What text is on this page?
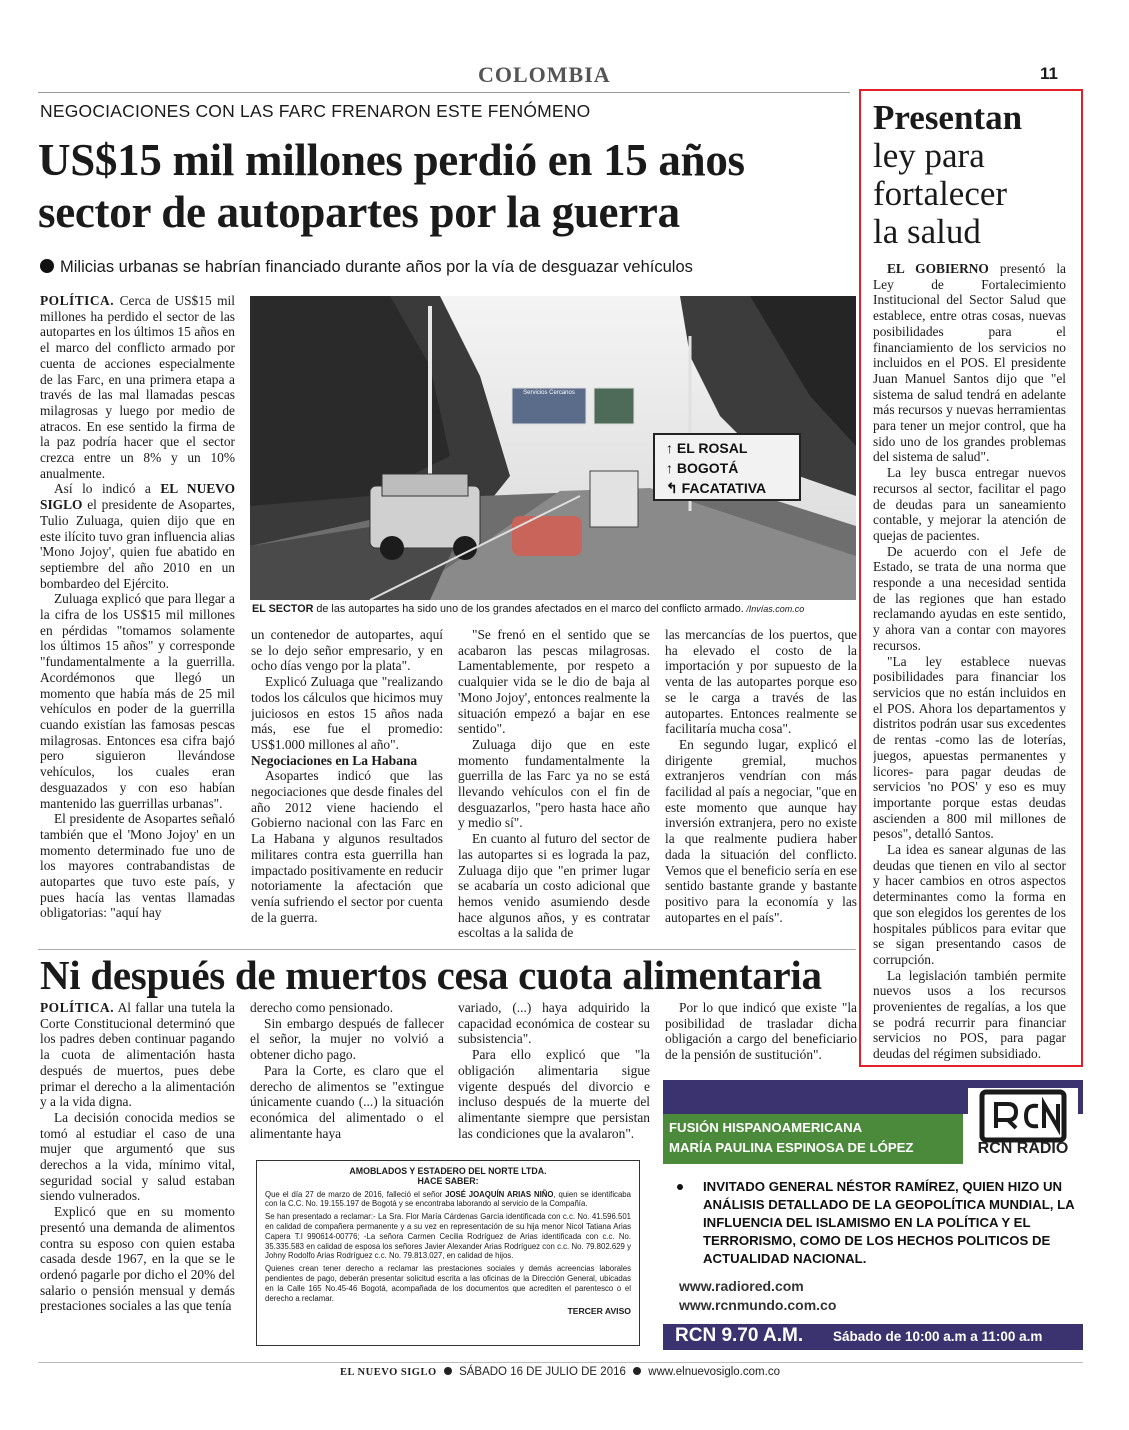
COLOMBIA	11
NEGOCIACIONES CON LAS FARC FRENARON ESTE FENÓMENO
US$15 mil millones perdió en 15 años
sector de autopartes por la guerra
Milicias urbanas se habrían financiado durante años por la vía de desguazar vehículos
Servicios Cercanos
↑ EL ROSAL
↑ BOGOTÁ
↰ FACATATIVA
EL SECTOR de las autopartes ha sido uno de los grandes afectados en el marco del conflicto armado. /Invías.com.co

POLÍTICA. Cerca de US$15 mil millones ha perdido el sector de las autopartes en los últimos 15 años en el marco del conflicto armado por cuenta de acciones especialmente de las Farc, en una primera etapa a través de las mal llamadas pescas milagrosas y luego por medio de atracos. En ese sentido la firma de la paz podría hacer que el sector crezca entre un 8% y un 10% anualmente.

Así lo indicó a EL NUEVO SIGLO el presidente de Asopartes, Tulio Zuluaga, quien dijo que en este ilícito tuvo gran influencia alias 'Mono Jojoy', quien fue abatido en septiembre del año 2010 en un bombardeo del Ejército.

Zuluaga explicó que para llegar a la cifra de los US$15 mil millones en pérdidas "tomamos solamente los últimos 15 años" y corresponde "fundamentalmente a la guerrilla. Acordémonos que llegó un momento que había más de 25 mil vehículos en poder de la guerrilla cuando existían las famosas pescas milagrosas. Entonces esa cifra bajó pero siguieron llevándose vehículos, los cuales eran desguazados y con eso habían mantenido las guerrillas urbanas".

El presidente de Asopartes señaló también que el 'Mono Jojoy' en un momento determinado fue uno de los mayores contrabandistas de autopartes que tuvo este país, y pues hacía las ventas llamadas obligatorias: "aquí hay

un contenedor de autopartes, aquí se lo dejo señor empresario, y en ocho días vengo por la plata".

Explicó Zuluaga que "realizando todos los cálculos que hicimos muy juiciosos en estos 15 años nada más, ese fue el promedio: US$1.000 millones al año".

Negociaciones en La Habana

Asopartes indicó que las negociaciones que desde finales del año 2012 viene haciendo el Gobierno nacional con las Farc en La Habana y algunos resultados militares contra esta guerrilla han impactado positivamente en reducir notoriamente la afectación que venía sufriendo el sector por cuenta de la guerra.

"Se frenó en el sentido que se acabaron las pescas milagrosas. Lamentablemente, por respeto a cualquier vida se le dio de baja al 'Mono Jojoy', entonces realmente la situación empezó a bajar en ese sentido".

Zuluaga dijo que en este momento fundamentalmente la guerrilla de las Farc ya no se está llevando vehículos con el fin de desguazarlos, "pero hasta hace año y medio sí".

En cuanto al futuro del sector de las autopartes si es lograda la paz, Zuluaga dijo que "en primer lugar se acabaría un costo adicional que hemos venido asumiendo desde hace algunos años, y es contratar escoltas a la salida de

las mercancías de los puertos, que ha elevado el costo de la importación y por supuesto de la venta de las autopartes porque eso se le carga a través de las autopartes. Entonces realmente se facilitaría mucha cosa".

En segundo lugar, explicó el dirigente gremial, muchos extranjeros vendrían con más facilidad al país a negociar, "que en este momento que aunque hay inversión extranjera, pero no existe la que realmente pudiera haber dada la situación del conflicto. Vemos que el beneficio sería en ese sentido bastante grande y bastante positivo para la economía y las autopartes en el país".

Presentan
ley para
fortalecer
la salud

EL GOBIERNO presentó la Ley de Fortalecimiento Institucional del Sector Salud que establece, entre otras cosas, nuevas posibilidades para el financiamiento de los servicios no incluidos en el POS. El presidente Juan Manuel Santos dijo que "el sistema de salud tendrá en adelante más recursos y nuevas herramientas para tener un mejor control, que ha sido uno de los grandes problemas del sistema de salud".

La ley busca entregar nuevos recursos al sector, facilitar el pago de deudas para un saneamiento contable, y mejorar la atención de quejas de pacientes.

De acuerdo con el Jefe de Estado, se trata de una norma que responde a una necesidad sentida de las regiones que han estado reclamando ayudas en este sentido, y ahora van a contar con mayores recursos.

"La ley establece nuevas posibilidades para financiar los servicios que no están incluidos en el POS. Ahora los departamentos y distritos podrán usar sus excedentes de rentas -como las de loterías, juegos, apuestas permanentes y licores- para pagar deudas de servicios 'no POS' y eso es muy importante porque estas deudas ascienden a 800 mil millones de pesos", detalló Santos.

La idea es sanear algunas de las deudas que tienen en vilo al sector y hacer cambios en otros aspectos determinantes como la forma en que son elegidos los gerentes de los hospitales públicos para evitar que se sigan presentando casos de corrupción.

La legislación también permite nuevos usos a los recursos provenientes de regalías, a los que se podrá recurrir para financiar servicios no POS, para pagar deudas del régimen subsidiado.

Ni después de muertos cesa cuota alimentaria

POLÍTICA. Al fallar una tutela la Corte Constitucional determinó que los padres deben continuar pagando la cuota de alimentación hasta después de muertos, pues debe primar el derecho a la alimentación y a la vida digna.

La decisión conocida medios se tomó al estudiar el caso de una mujer que argumentó que sus derechos a la vida, mínimo vital, seguridad social y salud estaban siendo vulnerados.

Explicó que en su momento presentó una demanda de alimentos contra su esposo con quien estaba casada desde 1967, en la que se le ordenó pagarle por dicho el 20% del salario o pensión mensual y demás prestaciones sociales a las que tenía

derecho como pensionado.

Sin embargo después de fallecer el señor, la mujer no volvió a obtener dicho pago.

Para la Corte, es claro que el derecho de alimentos se "extingue únicamente cuando (...) la situación económica del alimentado o el alimentante haya

variado, (...) haya adquirido la capacidad económica de costear su subsistencia".

Para ello explicó que "la obligación alimentaria sigue vigente después del divorcio e incluso después de la muerte del alimentante siempre que persistan las condiciones que la avalaron".

Por lo que indicó que existe "la posibilidad de trasladar dicha obligación a cargo del beneficiario de la pensión de sustitución".

AMOBLADOS Y ESTADERO DEL NORTE LTDA.
HACE SABER:

Que el día 27 de marzo de 2016, falleció el señor JOSÉ JOAQUÍN ARIAS NIÑO, quien se identificaba con la C.C. No. 19.155.197 de Bogotá y se encontraba laborando al servicio de la Compañía.

Se han presentado a reclamar:- La Sra. Flor María Cárdenas García identificada con c.c. No. 41.596.501 en calidad de compañera permanente y a su vez en representación de su hija menor Nicol Tatiana Arias Capera T.I 990614-00776; -La señora Carmen Cecilia Rodríguez de Arias identificada con c.c. No. 35.335.583 en calidad de esposa los señores Javier Alexander Arias Rodríguez con c.c. No. 79.802.629 y Johny Rodolfo Arias Rodríguez c.c. No. 79.813.027, en calidad de hijos.

Quienes crean tener derecho a reclamar las prestaciones sociales y demás acreencias laborales pendientes de pago, deberán presentar solicitud escrita a las oficinas de la Dirección General, ubicadas en la Calle 165 No.45-46 Bogotá, acompañada de los documentos que acrediten el parentesco o el derecho a reclamar.

TERCER AVISO
FUSIÓN HISPANOAMERICANA
MARÍA PAULINA ESPINOSA DE LÓPEZ	RCN RADIO
INVITADO GENERAL NÉSTOR RAMÍREZ, QUIEN HIZO UN ANÁLISIS DETALLADO DE LA GEOPOLÍTICA MUNDIAL, LA INFLUENCIA DEL ISLAMISMO EN LA POLÍTICA Y EL TERRORISMO, COMO DE LOS HECHOS POLITICOS DE ACTUALIDAD NACIONAL.
www.radiored.com
www.rcnmundo.com.co
RCN 9.70 A.M. Sábado de 10:00 a.m a 11:00 a.m
EL NUEVO SIGLO SÁBADO 16 DE JULIO DE 2016 www.elnuevosiglo.com.co
